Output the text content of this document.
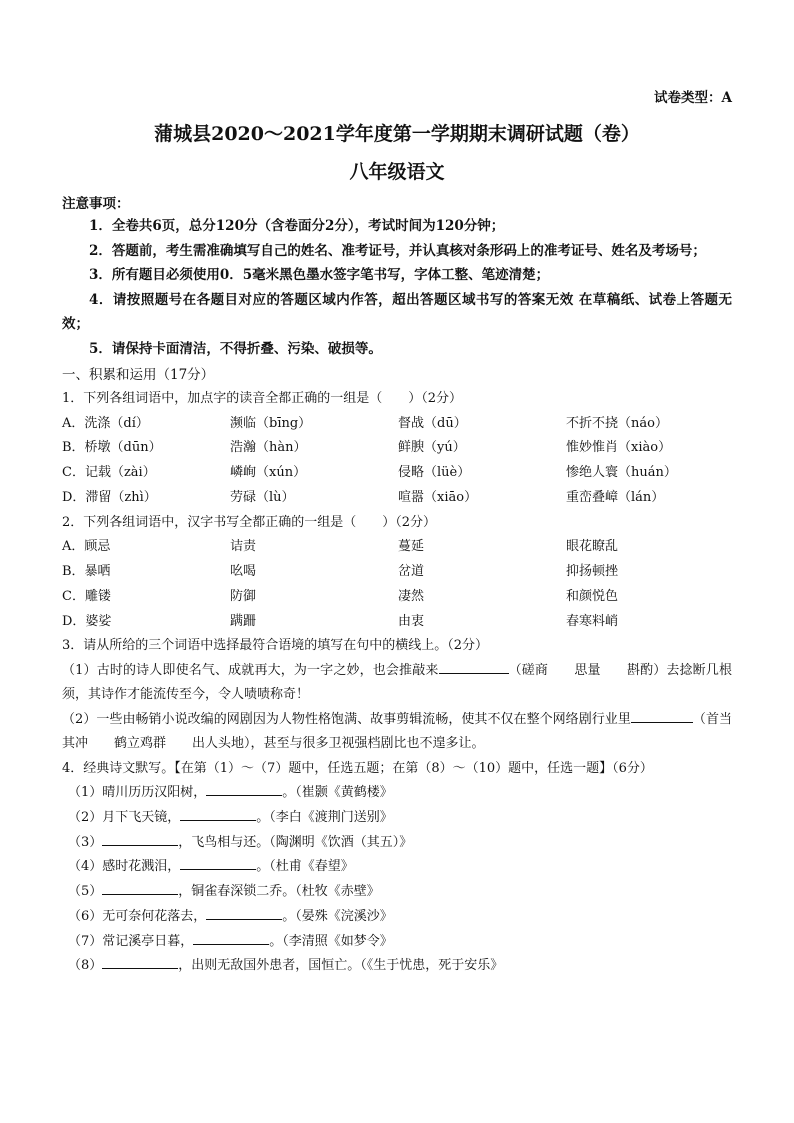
试卷类型：A
蒲城县2020～2021学年度第一学期期末调研试题（卷）
八年级语文
注意事项：
1．全卷共6页，总分120分（含卷面分2分），考试时间为120分钟；
2．答题前，考生需准确填写自己的姓名、准考证号，并认真核对条形码上的准考证号、姓名及考场号；
3．所有题目必须使用0．5毫米黑色墨水签字笔书写，字体工整、笔迹清楚；
4．请按照题号在各题目对应的答题区域内作答，超出答题区域书写的答案无效 在草稿纸、试卷上答题无效；
5．请保持卡面清洁，不得折叠、污染、破损等。
一、积累和运用（17分）
1．下列各组词语中，加点字的读音全都正确的一组是（　　）（2分）
A．洗涤（dí）	濒临（bīng）	督战（dū）	不折不挠（náo）
B．桥墩（dūn）	浩瀚（hàn）	鲜腴（yú）	惟妙惟肖（xiào）
C．记载（zài）	嶙峋（xún）	侵略（lüè）	惨绝人寰（huán）
D．滞留（zhì）	劳碌（lù）	喧嚣（xiāo）	重峦叠嶂（lán）
2．下列各组词语中，汉字书写全都正确的一组是（　　）（2分）
A．顾忌	诘责	蔓延	眼花瞭乱
B．暴哂	吆喝	岔道	抑扬顿挫
C．雕镂	防御	凄然	和颜悦色
D．婆娑	蹒跚	由衷	春寒料峭
3．请从所给的三个词语中选择最符合语境的填写在句中的横线上。（2分）
（1）古时的诗人即使名气、成就再大，为一字之妙，也会推敲来	（磋商　　思量　　斟酌）去捻断几根须，其诗作才能流传至今，令人啧啧称奇！
（2）一些由畅销小说改编的网剧因为人物性格饱满、故事剪辑流畅，使其不仅在整个网络剧行业里	（首当其冲　　鹤立鸡群　　出人头地），甚至与很多卫视强档剧比也不遑多让。
4．经典诗文默写。【在第（1）～（7）题中，任选五题；在第（8）～（10）题中，任选一题】（6分）
（1）晴川历历汉阳树，	。（崔颢《黄鹤楼》
（2）月下飞天镜，	。（李白《渡荆门送别》
（3）	，飞鸟相与还。（陶渊明《饮酒（其五）》
（4）感时花溅泪，	。（杜甫《春望》
（5）	，铜雀春深锁二乔。（杜牧《赤壁》
（6）无可奈何花落去，	。（晏殊《浣溪沙》
（7）常记溪亭日暮，	。（李清照《如梦令》
（8）	，出则无敌国外患者，国恒亡。（《生于忧患，死于安乐》
